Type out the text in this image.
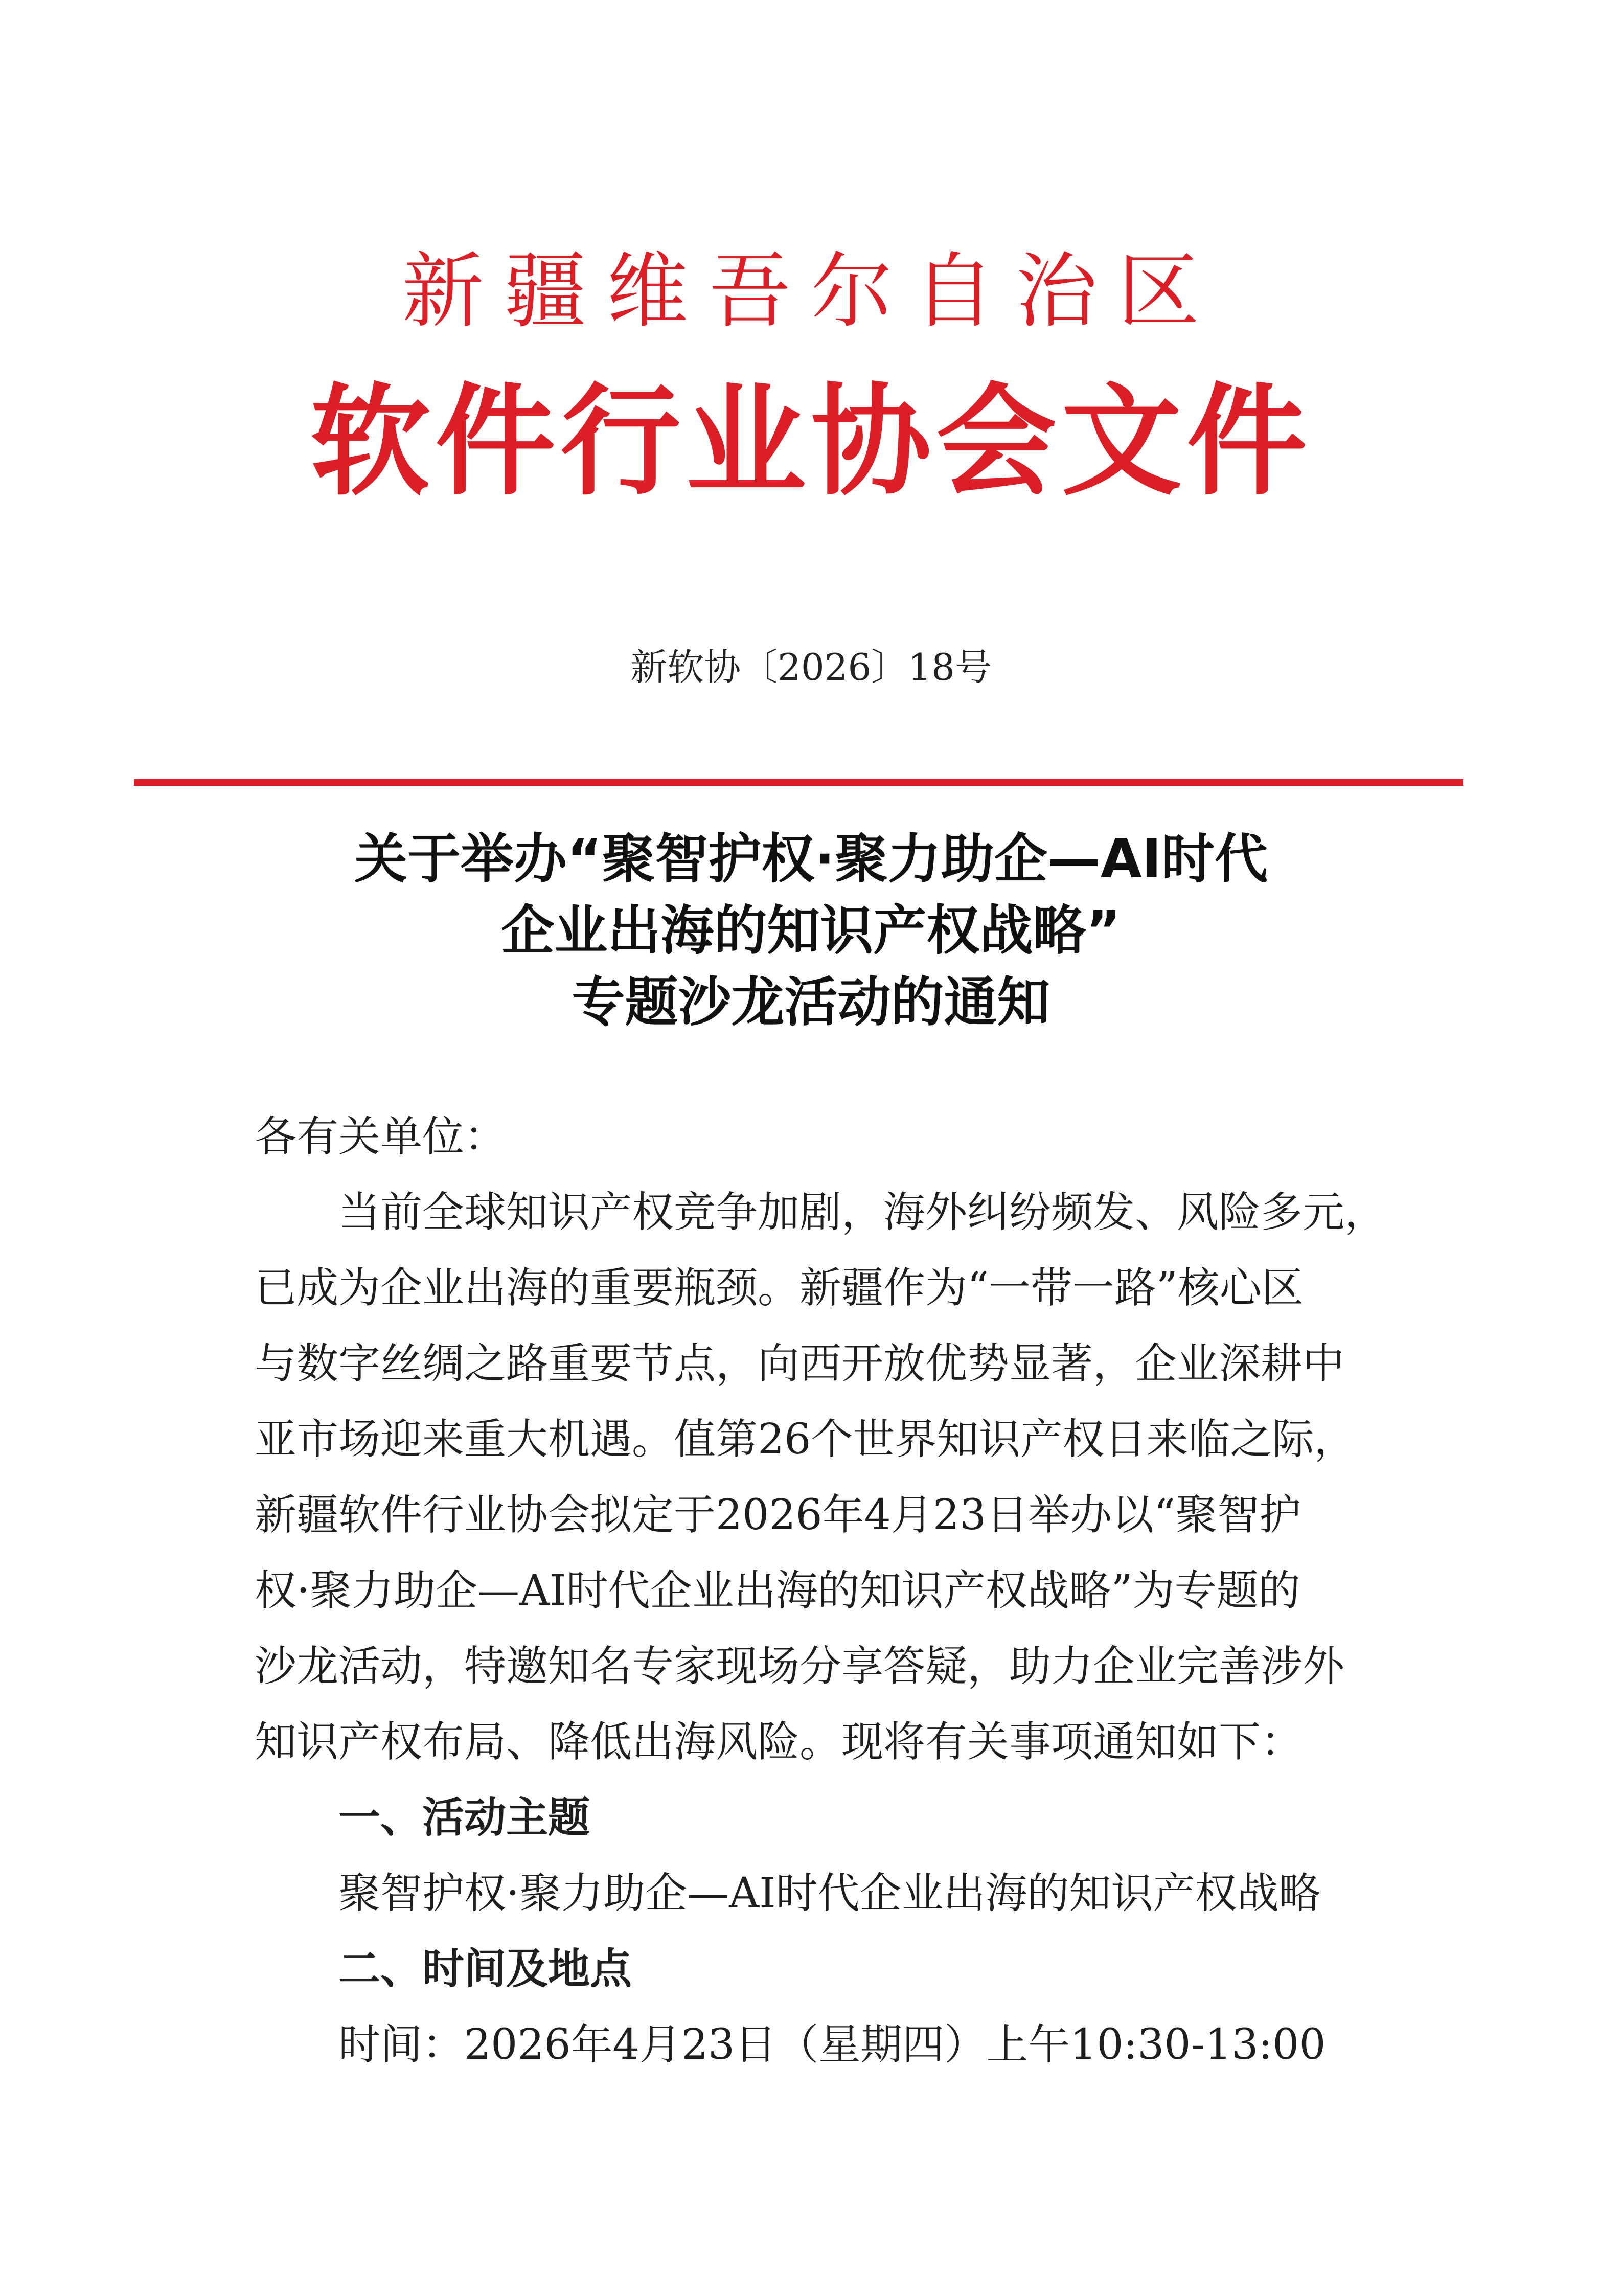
新疆维吾尔自治区
软件行业协会文件
新软协〔2026〕18号
关于举办“聚智护权·聚力助企—AI时代
企业出海的知识产权战略”
专题沙龙活动的通知
各有关单位：
当前全球知识产权竞争加剧，海外纠纷频发、风险多元，
已成为企业出海的重要瓶颈。新疆作为“一带一路”核心区
与数字丝绸之路重要节点，向西开放优势显著，企业深耕中
亚市场迎来重大机遇。值第26个世界知识产权日来临之际，
新疆软件行业协会拟定于2026年4月23日举办以“聚智护
权·聚力助企—AI时代企业出海的知识产权战略”为专题的
沙龙活动，特邀知名专家现场分享答疑，助力企业完善涉外
知识产权布局、降低出海风险。现将有关事项通知如下：
一、活动主题
聚智护权·聚力助企—AI时代企业出海的知识产权战略
二、时间及地点
时间：2026年4月23日（星期四）上午10:30-13:00
